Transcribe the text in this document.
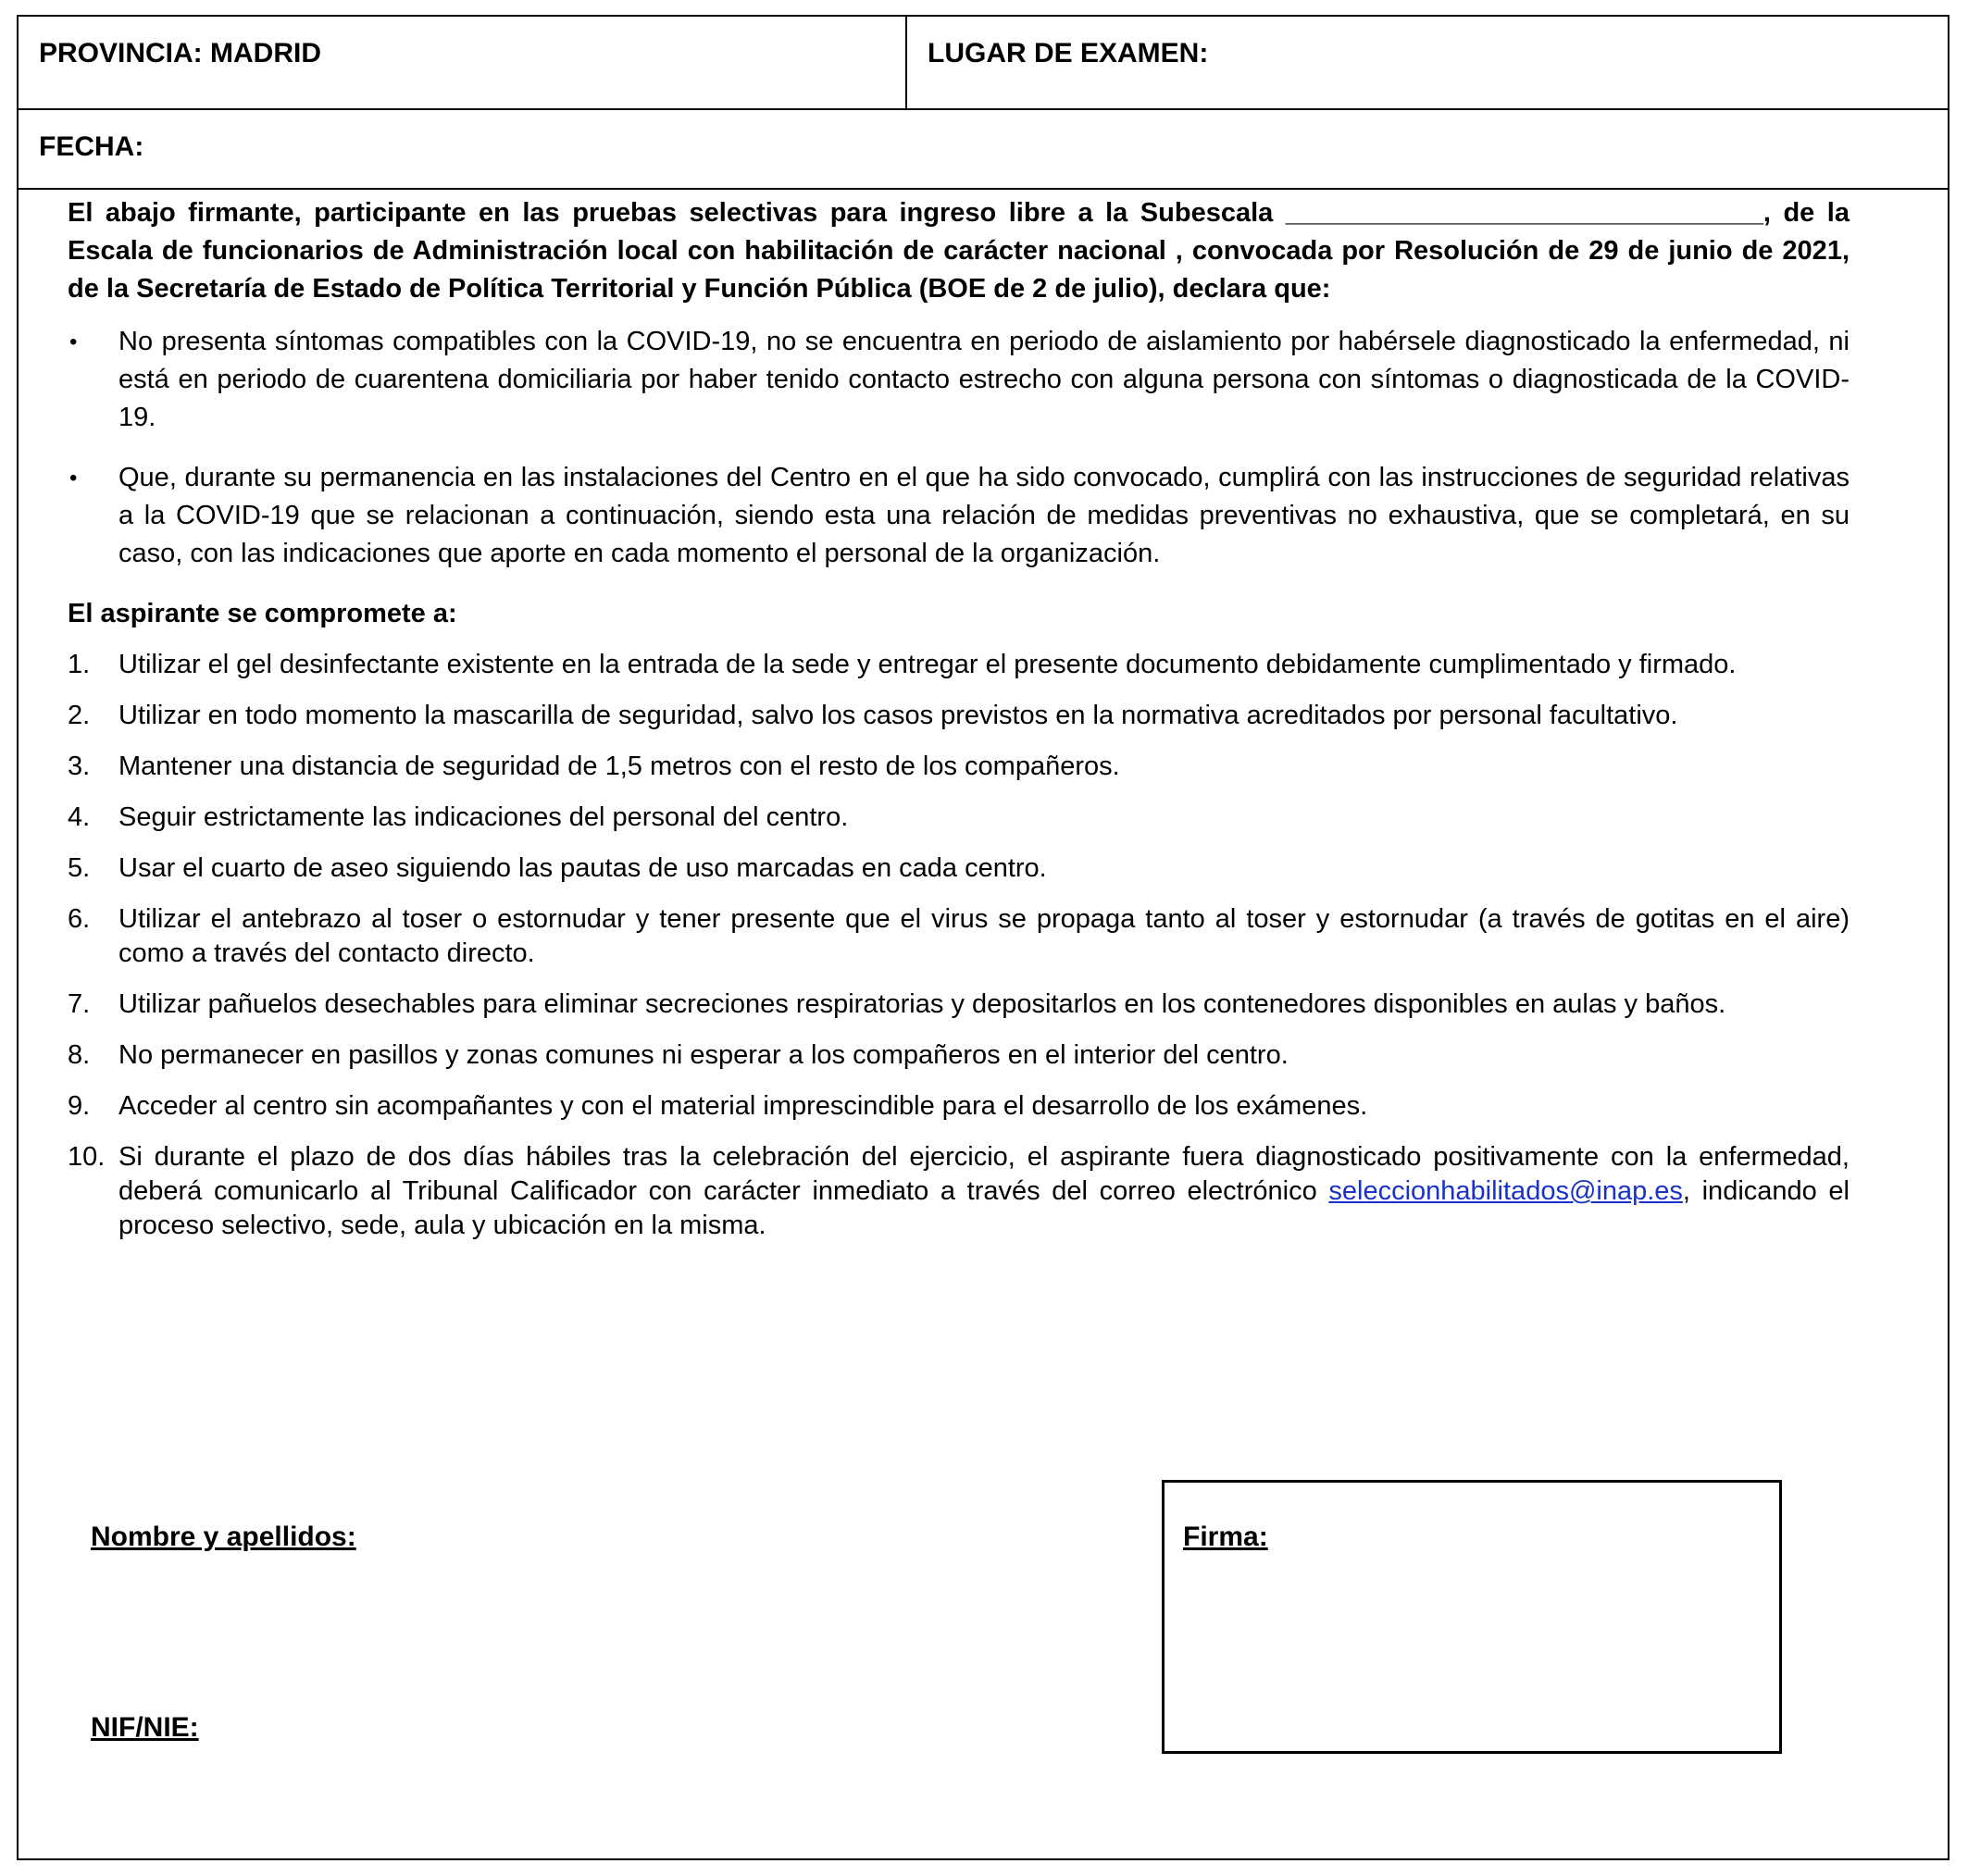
PROVINCIA: MADRID	LUGAR DE EXAMEN:
FECHA:

El abajo firmante, participante en las pruebas selectivas para ingreso libre a la Subescala ________________________________, de la Escala de funcionarios de Administración local con habilitación de carácter nacional , convocada por Resolución de 29 de junio de 2021, de la Secretaría de Estado de Política Territorial y Función Pública (BOE de 2 de julio), declara que:

• No presenta síntomas compatibles con la COVID-19, no se encuentra en periodo de aislamiento por habérsele diagnosticado la enfermedad, ni está en periodo de cuarentena domiciliaria por haber tenido contacto estrecho con alguna persona con síntomas o diagnosticada de la COVID-19.
• Que, durante su permanencia en las instalaciones del Centro en el que ha sido convocado, cumplirá con las instrucciones de seguridad relativas a la COVID-19 que se relacionan a continuación, siendo esta una relación de medidas preventivas no exhaustiva, que se completará, en su caso, con las indicaciones que aporte en cada momento el personal de la organización.

El aspirante se compromete a:

1. Utilizar el gel desinfectante existente en la entrada de la sede y entregar el presente documento debidamente cumplimentado y firmado.
2. Utilizar en todo momento la mascarilla de seguridad, salvo los casos previstos en la normativa acreditados por personal facultativo.
3. Mantener una distancia de seguridad de 1,5 metros con el resto de los compañeros.
4. Seguir estrictamente las indicaciones del personal del centro.
5. Usar el cuarto de aseo siguiendo las pautas de uso marcadas en cada centro.
6. Utilizar el antebrazo al toser o estornudar y tener presente que el virus se propaga tanto al toser y estornudar (a través de gotitas en el aire) como a través del contacto directo.
7. Utilizar pañuelos desechables para eliminar secreciones respiratorias y depositarlos en los contenedores disponibles en aulas y baños.
8. No permanecer en pasillos y zonas comunes ni esperar a los compañeros en el interior del centro.
9. Acceder al centro sin acompañantes y con el material imprescindible para el desarrollo de los exámenes.
10. Si durante el plazo de dos días hábiles tras la celebración del ejercicio, el aspirante fuera diagnosticado positivamente con la enfermedad, deberá comunicarlo al Tribunal Calificador con carácter inmediato a través del correo electrónico seleccionhabilitados@inap.es, indicando el proceso selectivo, sede, aula y ubicación en la misma.
Nombre y apellidos:
NIF/NIE:
Firma:
